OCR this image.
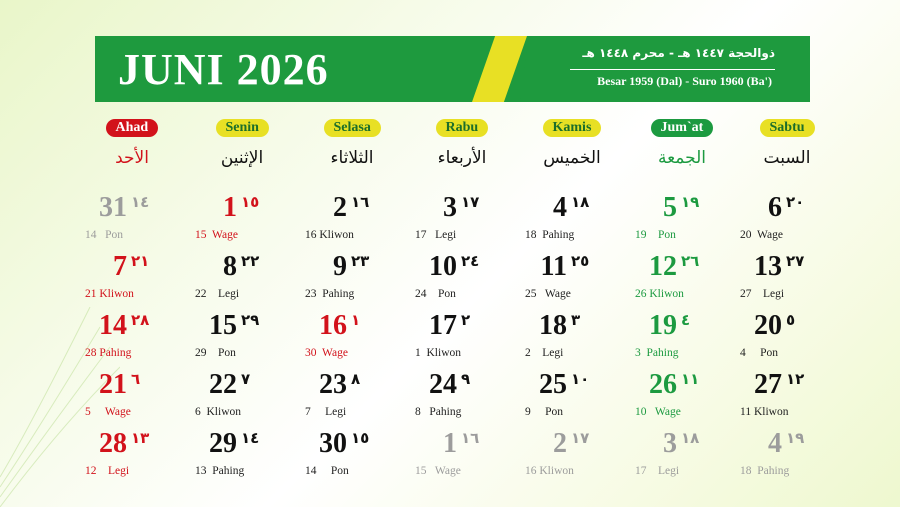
JUNI 2026	ذوالحجة ١٤٤٧ هـ - محرم ١٤٤٨ هـ
Besar 1959 (Dal) - Suro 1960 (Ba')
Ahad
الأحد
Senin
الإثنين
Selasa
الثلاثاء
Rabu
الأربعاء
Kamis
الخميس
Jum`at
الجمعة
Sabtu
السبت
31 ١٤
14   Pon
1 ١٥
15  Wage
2 ١٦
16 Kliwon
3 ١٧
17   Legi
4 ١٨
18  Pahing
5 ١٩
19    Pon
6 ٢٠
20  Wage
7 ٢١
21 Kliwon
8 ٢٢
22    Legi
9 ٢٣
23  Pahing
10 ٢٤
24    Pon
11 ٢٥
25   Wage
12 ٢٦
26 Kliwon
13 ٢٧
27    Legi
14 ٢٨
28 Pahing
15 ٢٩
29    Pon
16 ١
30  Wage
17 ٢
1  Kliwon
18 ٣
2    Legi
19 ٤
3  Pahing
20 ٥
4     Pon
21 ٦
5     Wage
22 ٧
6  Kliwon
23 ٨
7     Legi
24 ٩
8   Pahing
25 ١٠
9     Pon
26 ١١
10   Wage
27 ١٢
11 Kliwon
28 ١٣
12    Legi
29 ١٤
13  Pahing
30 ١٥
14     Pon
1 ١٦
15   Wage
2 ١٧
16 Kliwon
3 ١٨
17    Legi
4 ١٩
18  Pahing
